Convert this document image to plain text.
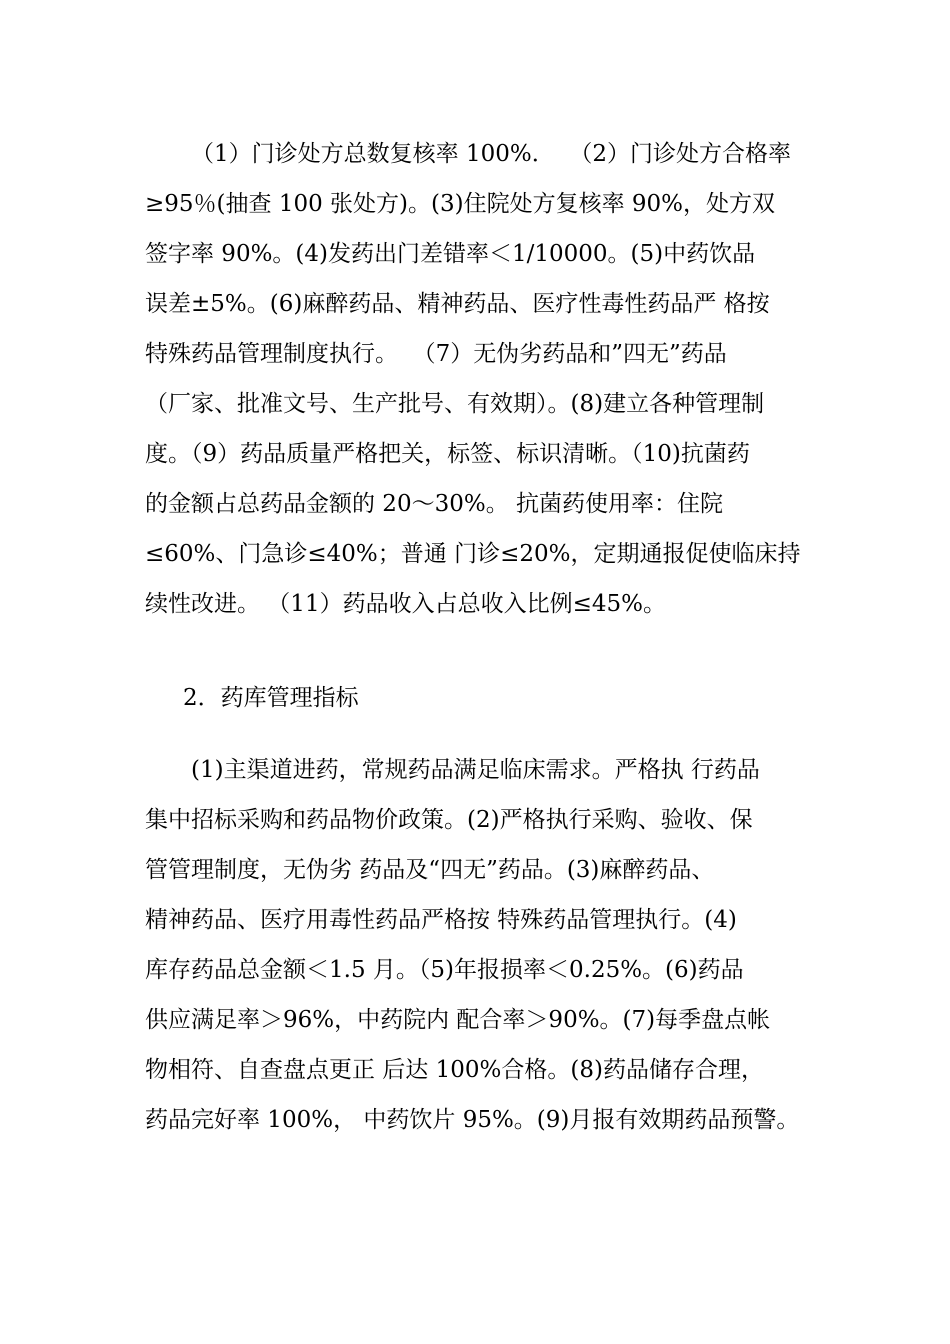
（1）门诊处方总数复核率 100%．  （2）门诊处方合格率
≥95％(抽查 100 张处方)。(3)住院处方复核率 90%，处方双
签字率 90%。(4)发药出门差错率＜1/10000。(5)中药饮品
误差±5%。(6)麻醉药品、精神药品、医疗性毒性药品严 格按
特殊药品管理制度执行。  （7）无伪劣药品和”四无”药品
（厂家、批准文号、生产批号、有效期）。(8)建立各种管理制
度。（9）药品质量严格把关，标签、标识清晰。（10)抗菌药
的金额占总药品金额的 20～30%。 抗菌药使用率：住院
≤60%、门急诊≤40%；普通 门诊≤20%，定期通报促使临床持
续性改进。 （11）药品收入占总收入比例≤45%。
2．药库管理指标
(1)主渠道进药，常规药品满足临床需求。严格执 行药品
集中招标采购和药品物价政策。(2)严格执行采购、验收、保
管管理制度，无伪劣 药品及“四无”药品。(3)麻醉药品、
精神药品、医疗用毒性药品严格按 特殊药品管理执行。(4)
库存药品总金额＜1.5 月。（5)年报损率＜0.25%。(6)药品
供应满足率＞96%，中药院内 配合率＞90%。(7)每季盘点帐
物相符、自查盘点更正 后达 100%合格。(8)药品储存合理，
药品完好率 100%， 中药饮片 95%。(9)月报有效期药品预警。
